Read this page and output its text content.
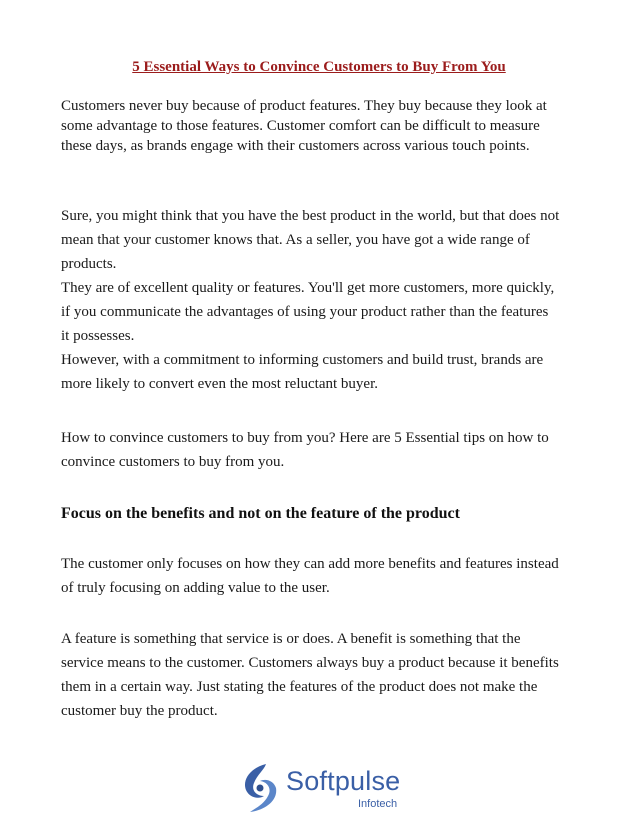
5 Essential Ways to Convince Customers to Buy From You
Customers never buy because of product features. They buy because they look at
some advantage to those features. Customer comfort can be difficult to measure
these days, as brands engage with their customers across various touch points.
Sure, you might think that you have the best product in the world, but that does not
mean that your customer knows that. As a seller, you have got a wide range of
products.
They are of excellent quality or features. You'll get more customers, more quickly,
if you communicate the advantages of using your product rather than the features
it possesses.
However, with a commitment to informing customers and build trust, brands are
more likely to convert even the most reluctant buyer.
How to convince customers to buy from you? Here are 5 Essential tips on how to
convince customers to buy from you.
Focus on the benefits and not on the feature of the product
The customer only focuses on how they can add more benefits and features instead
of truly focusing on adding value to the user.
A feature is something that service is or does. A benefit is something that the
service means to the customer. Customers always buy a product because it benefits
them in a certain way. Just stating the features of the product does not make the
customer buy the product.
Softpulse
Infotech
